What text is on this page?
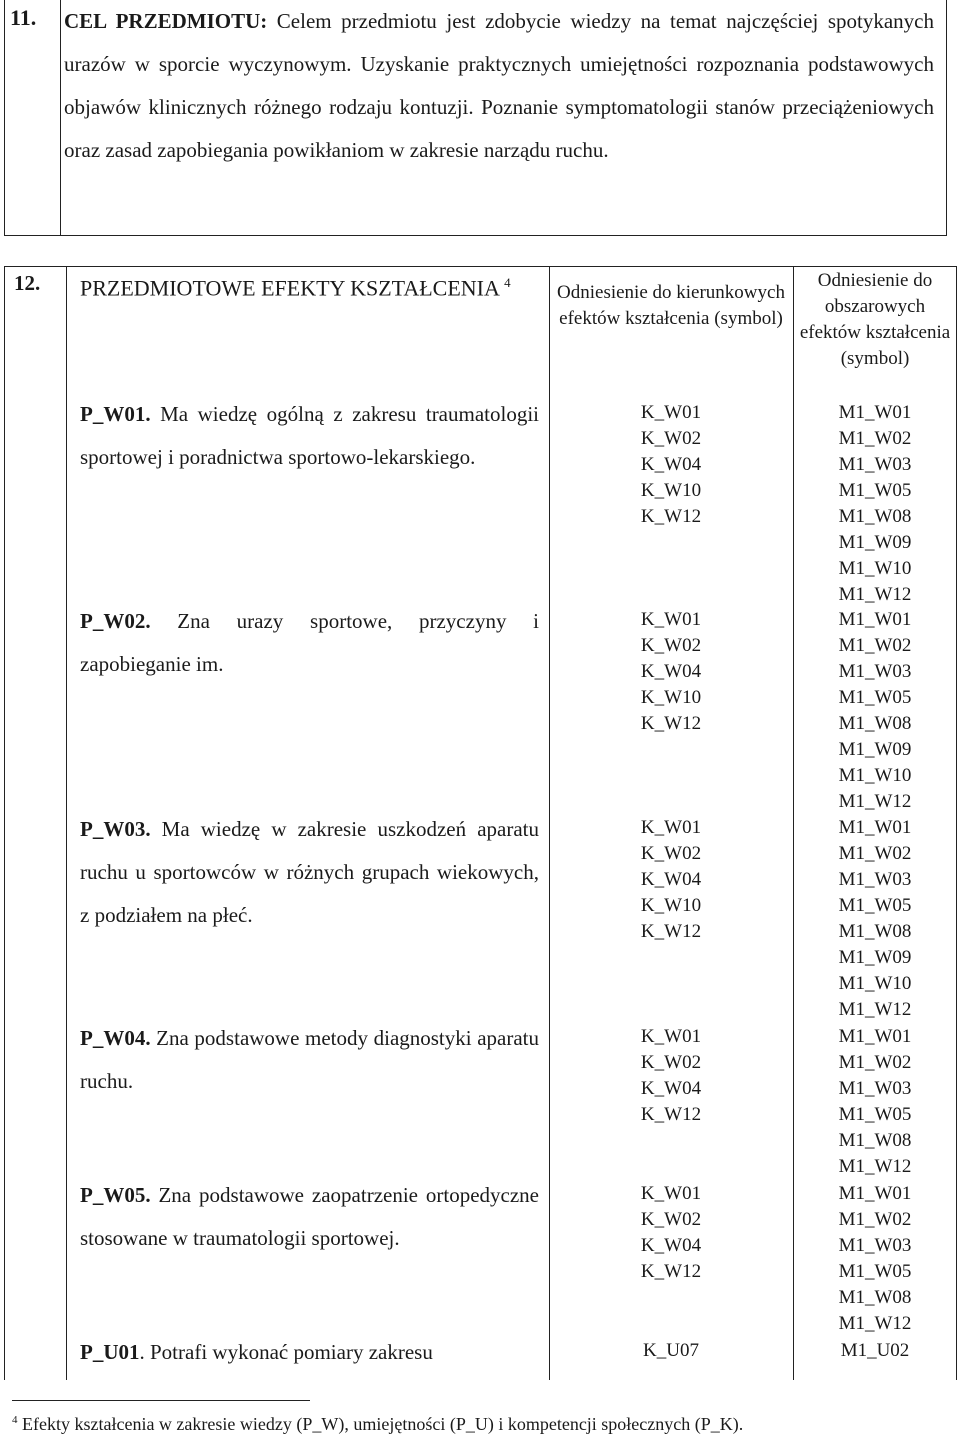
11. CEL PRZEDMIOTU: Celem przedmiotu jest zdobycie wiedzy na temat najczęściej spotykanych urazów w sporcie wyczynowym. Uzyskanie praktycznych umiejętności rozpoznania podstawowych objawów klinicznych różnego rodzaju kontuzji. Poznanie symptomatologii stanów przeciążeniowych oraz zasad zapobiegania powikłaniom w zakresie narządu ruchu.
12. PRZEDMIOTOWE EFEKTY KSZTAŁCENIA $^4$ Odniesienie do kierunkowych efektów kształcenia (symbol)
Odniesienie do obszarowych efektów kształcenia (symbol)
P_W01. Ma wiedzę ogólną z zakresu traumatologii sportowej i poradnictwa sportowo-lekarskiego.
K_W01
K_W02
K_W04
K_W10
K_W12
M1_W01
M1_W02
M1_W03
M1_W05
M1_W08
M1_W09
M1_W10
M1_W12
P_W02. Zna urazy sportowe, przyczyny i zapobieganie im.
K_W01
K_W02
K_W04
K_W10
K_W12
M1_W01
M1_W02
M1_W03
M1_W05
M1_W08
M1_W09
M1_W10
M1_W12
P_W03. Ma wiedzę w zakresie uszkodzeń aparatu ruchu u sportowców w różnych grupach wiekowych, z podziałem na płeć.
K_W01
K_W02
K_W04
K_W10
K_W12
M1_W01
M1_W02
M1_W03
M1_W05
M1_W08
M1_W09
M1_W10
M1_W12
P_W04. Zna podstawowe metody diagnostyki aparatu ruchu.
K_W01
K_W02
K_W04
K_W12
M1_W01
M1_W02
M1_W03
M1_W05
M1_W08
M1_W12
P_W05. Zna podstawowe zaopatrzenie ortopedyczne stosowane w traumatologii sportowej.
K_W01
K_W02
K_W04
K_W12
M1_W01
M1_W02
M1_W03
M1_W05
M1_W08
M1_W12
P_U01. Potrafi wykonać pomiary zakresu	K_U07	M1_U02
$^4$ Efekty kształcenia w zakresie wiedzy (P_W), umiejętności (P_U) i kompetencji społecznych (P_K).
